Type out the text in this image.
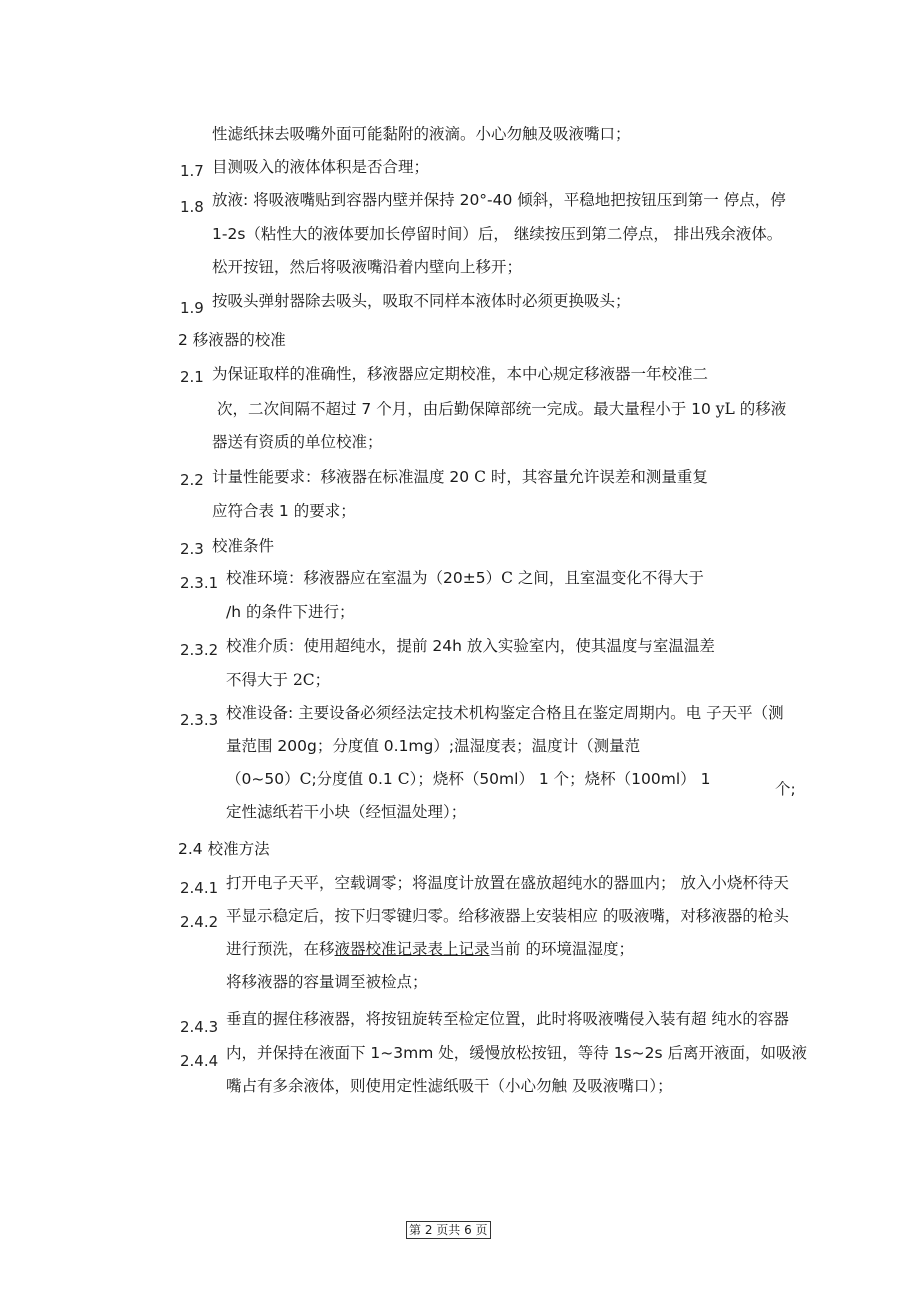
性滤纸抹去吸嘴外面可能黏附的液滴。小心勿触及吸液嘴口；
1.7 目测吸入的液体体积是否合理；
1.8 放液: 将吸液嘴贴到容器内壁并保持 20°-40 倾斜，平稳地把按钮压到第一 停点，停
1-2s（粘性大的液体要加长停留时间）后， 继续按压到第二停点， 排出残余液体。
松开按钮，然后将吸液嘴沿着内壁向上移开；
1.9 按吸头弹射器除去吸头，吸取不同样本液体时必须更换吸头；
2 移液器的校准
2.1 为保证取样的准确性，移液器应定期校准，本中心规定移液器一年校准二
次，二次间隔不超过 7 个月，由后勤保障部统一完成。最大量程小于 10 yL 的移液
器送有资质的单位校准；
2.2 计量性能要求：移液器在标准温度 20 C 时，其容量允许误差和测量重复
应符合表 1 的要求；
2.3 校准条件
2.3.1 校准环境：移液器应在室温为（20±5）C 之间，且室温变化不得大于
/h 的条件下进行；
2.3.2 校准介质：使用超纯水，提前 24h 放入实验室内，使其温度与室温温差
不得大于 2C；
2.3.3 校准设备: 主要设备必须经法定技术机构鉴定合格且在鉴定周期内。电 子天平（测
量范围 200g；分度值 0.1mg）;温湿度表；温度计（测量范
（0~50）C;分度值 0.1 C）；烧杯（50ml） 1 个；烧杯（100ml） 1
个;
定性滤纸若干小块（经恒温处理）；
2.4 校准方法
2.4.1 打开电子天平，空载调零；将温度计放置在盛放超纯水的器皿内； 放入小烧杯待天
2.4.2 平显示稳定后，按下归零键归零。给移液器上安装相应 的吸液嘴，对移液器的枪头
进行预洗，在移液器校准记录表上记录当前 的环境温湿度；
将移液器的容量调至被检点；
2.4.3 垂直的握住移液器，将按钮旋转至检定位置，此时将吸液嘴侵入装有超 纯水的容器
2.4.4 内，并保持在液面下 1~3mm 处，缓慢放松按钮，等待 1s~2s 后离开液面，如吸液
嘴占有多余液体，则使用定性滤纸吸干（小心勿触 及吸液嘴口）；
第 2 页共 6 页
